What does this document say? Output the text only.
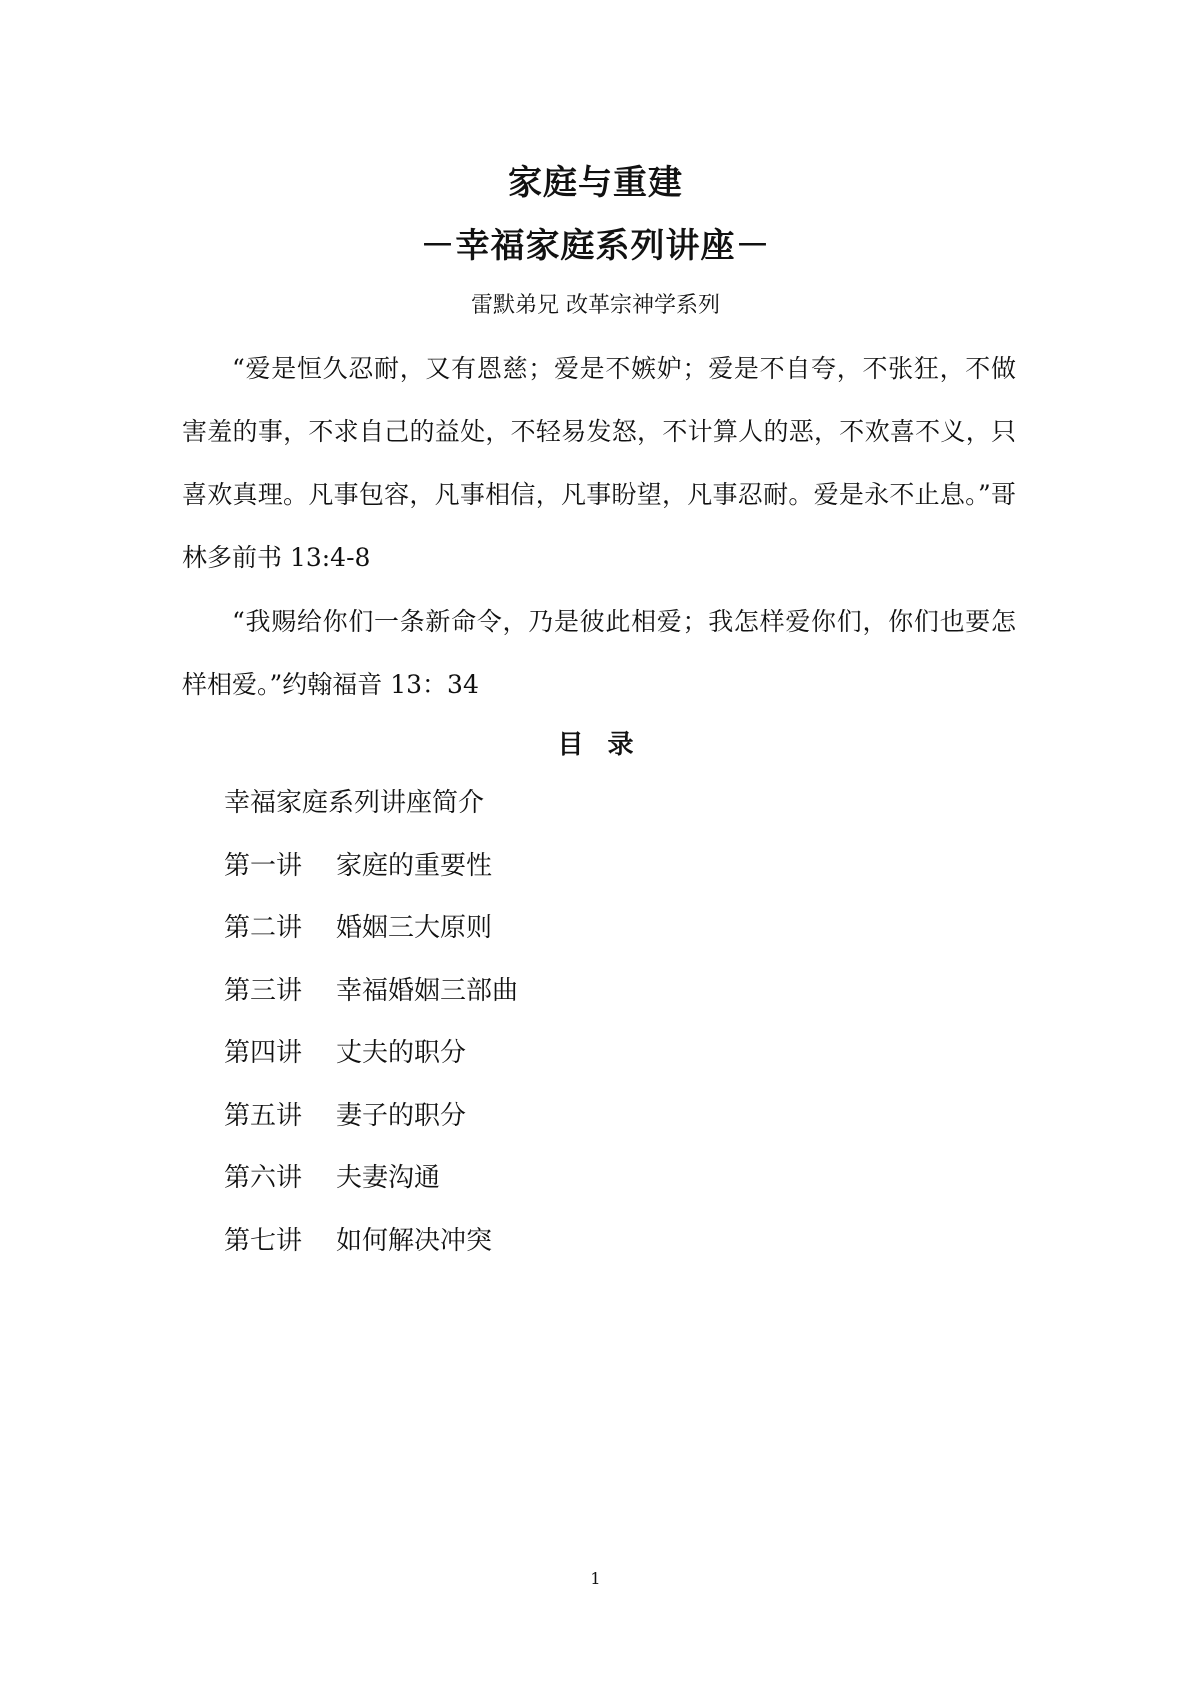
家庭与重建
－幸福家庭系列讲座－
雷默弟兄 改革宗神学系列

“爱是恒久忍耐，又有恩慈；爱是不嫉妒；爱是不自夸，不张狂，不做害羞的事，不求自己的益处，不轻易发怒，不计算人的恶，不欢喜不义，只喜欢真理。凡事包容，凡事相信，凡事盼望，凡事忍耐。爱是永不止息。”哥林多前书 13:4-8

“我赐给你们一条新命令，乃是彼此相爱；我怎样爱你们，你们也要怎样相爱。”约翰福音 13：34

目录
幸福家庭系列讲座简介
第一讲 家庭的重要性
第二讲 婚姻三大原则
第三讲 幸福婚姻三部曲
第四讲 丈夫的职分
第五讲 妻子的职分
第六讲 夫妻沟通
第七讲 如何解决冲突
1
